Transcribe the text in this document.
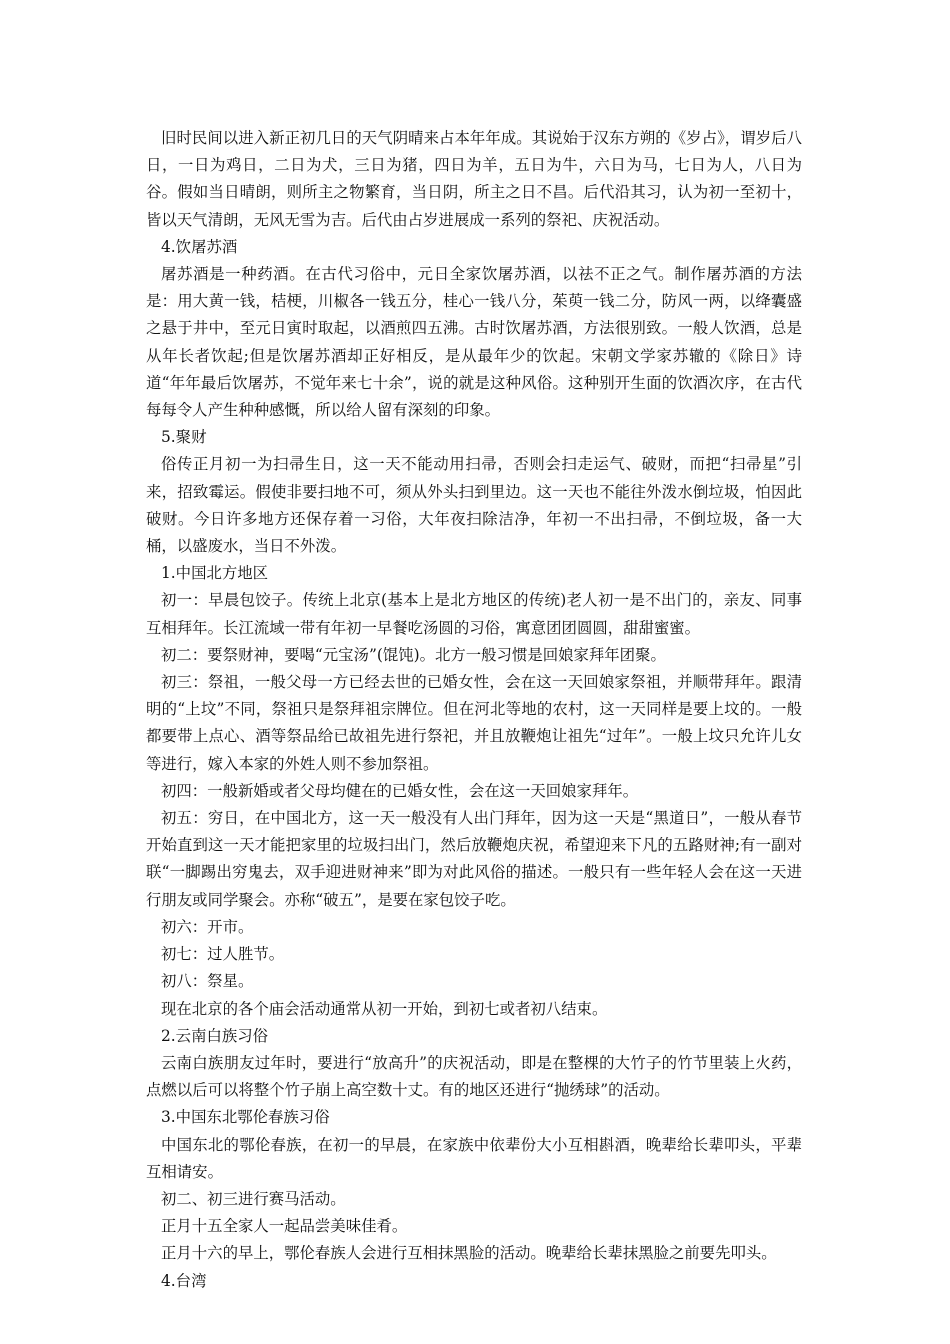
旧时民间以进入新正初几日的天气阴晴来占本年年成。其说始于汉东方朔的《岁占》，谓岁后八日，一日为鸡日，二日为犬，三日为猪，四日为羊，五日为牛，六日为马，七日为人，八日为谷。假如当日晴朗，则所主之物繁育，当日阴，所主之日不昌。后代沿其习，认为初一至初十，皆以天气清朗，无风无雪为吉。后代由占岁进展成一系列的祭祀、庆祝活动。

4.饮屠苏酒

屠苏酒是一种药酒。在古代习俗中，元日全家饮屠苏酒，以祛不正之气。制作屠苏酒的方法是：用大黄一钱，桔梗，川椒各一钱五分，桂心一钱八分，茱萸一钱二分，防风一两，以绛囊盛之悬于井中，至元日寅时取起，以酒煎四五沸。古时饮屠苏酒，方法很别致。一般人饮酒，总是从年长者饮起;但是饮屠苏酒却正好相反，是从最年少的饮起。宋朝文学家苏辙的《除日》诗道“年年最后饮屠苏，不觉年来七十余”，说的就是这种风俗。这种别开生面的饮酒次序，在古代每每令人产生种种感慨，所以给人留有深刻的印象。

5.聚财

俗传正月初一为扫帚生日，这一天不能动用扫帚，否则会扫走运气、破财，而把“扫帚星”引来，招致霉运。假使非要扫地不可，须从外头扫到里边。这一天也不能往外泼水倒垃圾，怕因此破财。今日许多地方还保存着一习俗，大年夜扫除洁净，年初一不出扫帚，不倒垃圾，备一大桶，以盛废水，当日不外泼。

1.中国北方地区

初一：早晨包饺子。传统上北京(基本上是北方地区的传统)老人初一是不出门的，亲友、同事互相拜年。长江流域一带有年初一早餐吃汤圆的习俗，寓意团团圆圆，甜甜蜜蜜。

初二：要祭财神，要喝“元宝汤”(馄饨)。北方一般习惯是回娘家拜年团聚。

初三：祭祖，一般父母一方已经去世的已婚女性，会在这一天回娘家祭祖，并顺带拜年。跟清明的“上坟”不同，祭祖只是祭拜祖宗牌位。但在河北等地的农村，这一天同样是要上坟的。一般都要带上点心、酒等祭品给已故祖先进行祭祀，并且放鞭炮让祖先“过年”。一般上坟只允许儿女等进行，嫁入本家的外姓人则不参加祭祖。

初四：一般新婚或者父母均健在的已婚女性，会在这一天回娘家拜年。

初五：穷日，在中国北方，这一天一般没有人出门拜年，因为这一天是“黑道日”，一般从春节开始直到这一天才能把家里的垃圾扫出门，然后放鞭炮庆祝，希望迎来下凡的五路财神;有一副对联“一脚踢出穷鬼去，双手迎进财神来”即为对此风俗的描述。一般只有一些年轻人会在这一天进行朋友或同学聚会。亦称“破五”，是要在家包饺子吃。

初六：开市。

初七：过人胜节。

初八：祭星。

现在北京的各个庙会活动通常从初一开始，到初七或者初八结束。

2.云南白族习俗

云南白族朋友过年时，要进行“放高升”的庆祝活动，即是在整棵的大竹子的竹节里装上火药，点燃以后可以将整个竹子崩上高空数十丈。有的地区还进行“抛绣球”的活动。

3.中国东北鄂伦春族习俗

中国东北的鄂伦春族，在初一的早晨，在家族中依辈份大小互相斟酒，晚辈给长辈叩头，平辈互相请安。

初二、初三进行赛马活动。

正月十五全家人一起品尝美味佳肴。

正月十六的早上，鄂伦春族人会进行互相抹黑脸的活动。晚辈给长辈抹黑脸之前要先叩头。

4.台湾
